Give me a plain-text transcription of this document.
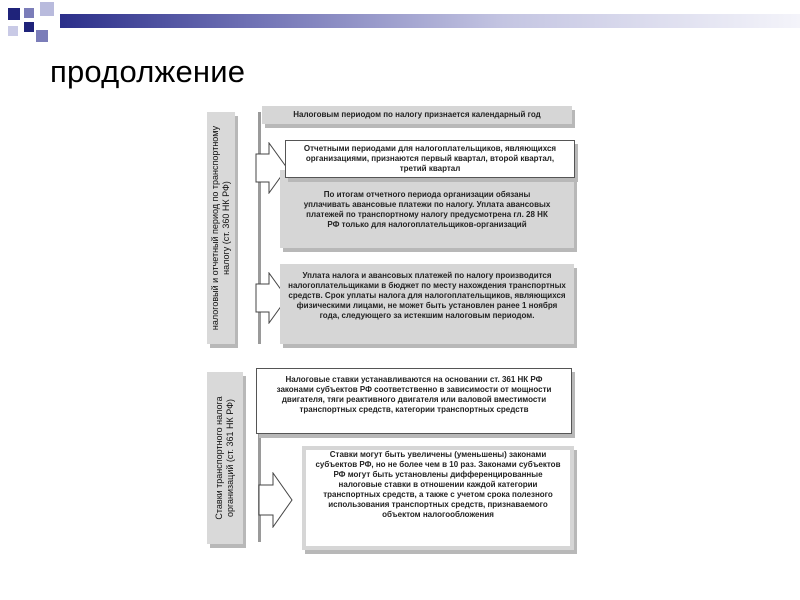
продолжение
налоговый и отчетный период по транспортному налогу (ст. 360 НК РФ)
Налоговым периодом по налогу признается календарный год
По итогам отчетного периода организации обязаны уплачивать авансовые платежи по налогу. Уплата авансовых платежей по транспортному налогу предусмотрена гл. 28 НК РФ только для налогоплательщиков-организаций
Отчетными периодами для налогоплательщиков, являющихся организациями, признаются первый квартал, второй квартал, третий квартал
Уплата налога и авансовых платежей по налогу производится налогоплательщиками в бюджет по месту нахождения транспортных средств. Срок уплаты налога для налогоплательщиков, являющихся физическими лицами, не может быть установлен ранее 1 ноября года, следующего за истекшим налоговым периодом.
Ставки транспортного налога организаций (ст. 361 НК РФ)
Налоговые ставки устанавливаются на основании ст. 361 НК РФ законами субъектов РФ соответственно в зависимости от мощности двигателя, тяги реактивного двигателя или валовой вместимости транспортных средств, категории транспортных средств
Ставки могут быть увеличены (уменьшены) законами субъектов РФ, но не более чем в 10 раз. Законами субъектов РФ могут быть установлены дифференцированные налоговые ставки в отношении каждой категории транспортных средств, а также с учетом срока полезного использования транспортных средств, признаваемого объектом налогообложения
